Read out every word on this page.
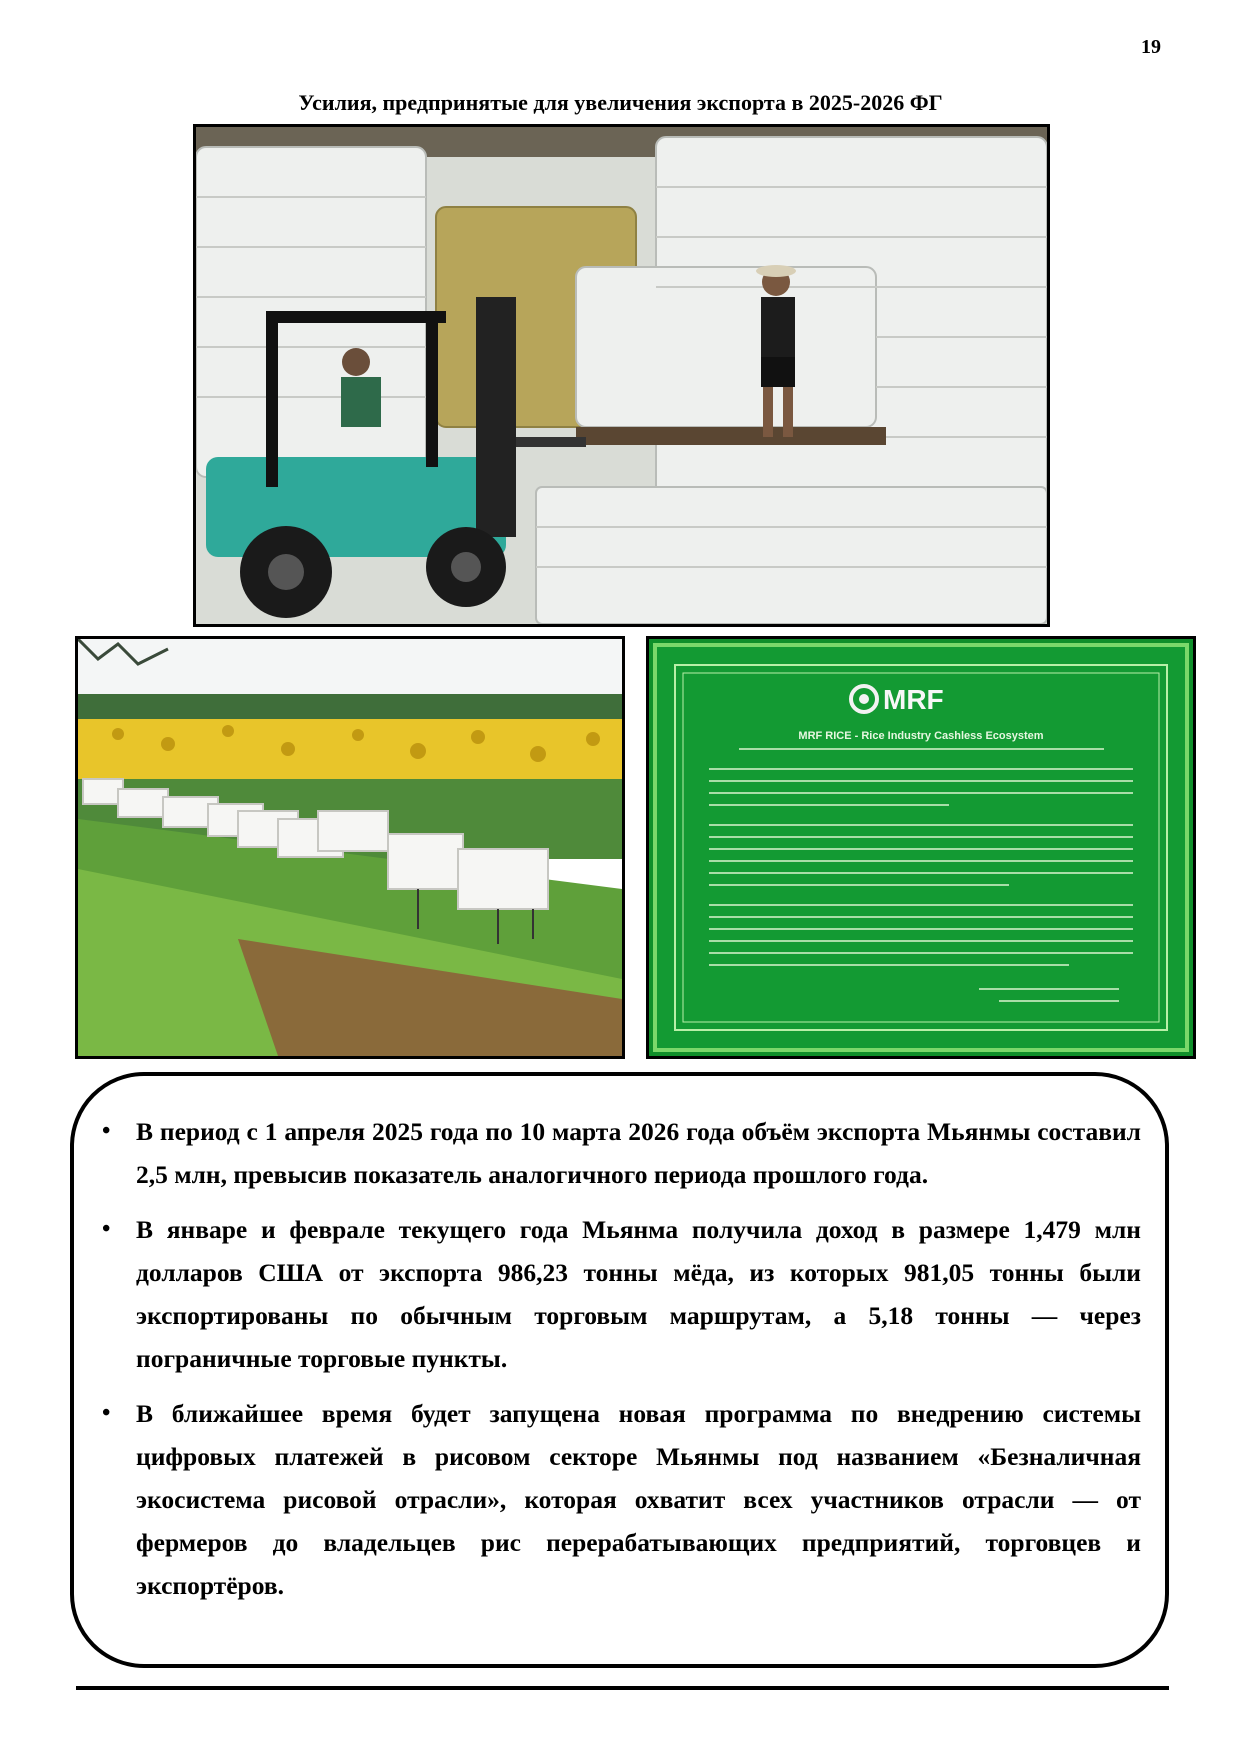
19
Усилия, предпринятые для увеличения экспорта в 2025-2026 ФГ
MRF
MRF RICE - Rice Industry Cashless Ecosystem
• В период с 1 апреля 2025 года по 10 марта 2026 года объём экспорта Мьянмы составил 2,5 млн, превысив показатель аналогичного периода прошлого года.
• В январе и феврале текущего года Мьянма получила доход в размере 1,479 млн долларов США от экспорта 986,23 тонны мёда, из которых 981,05 тонны были экспортированы по обычным торговым маршрутам, а 5,18 тонны — через пограничные торговые пункты.
• В ближайшее время будет запущена новая программа по внедрению системы цифровых платежей в рисовом секторе Мьянмы под названием «Безналичная экосистема рисовой отрасли», которая охватит всех участников отрасли — от фермеров до владельцев рис перерабатывающих предприятий, торговцев и экспортёров.
